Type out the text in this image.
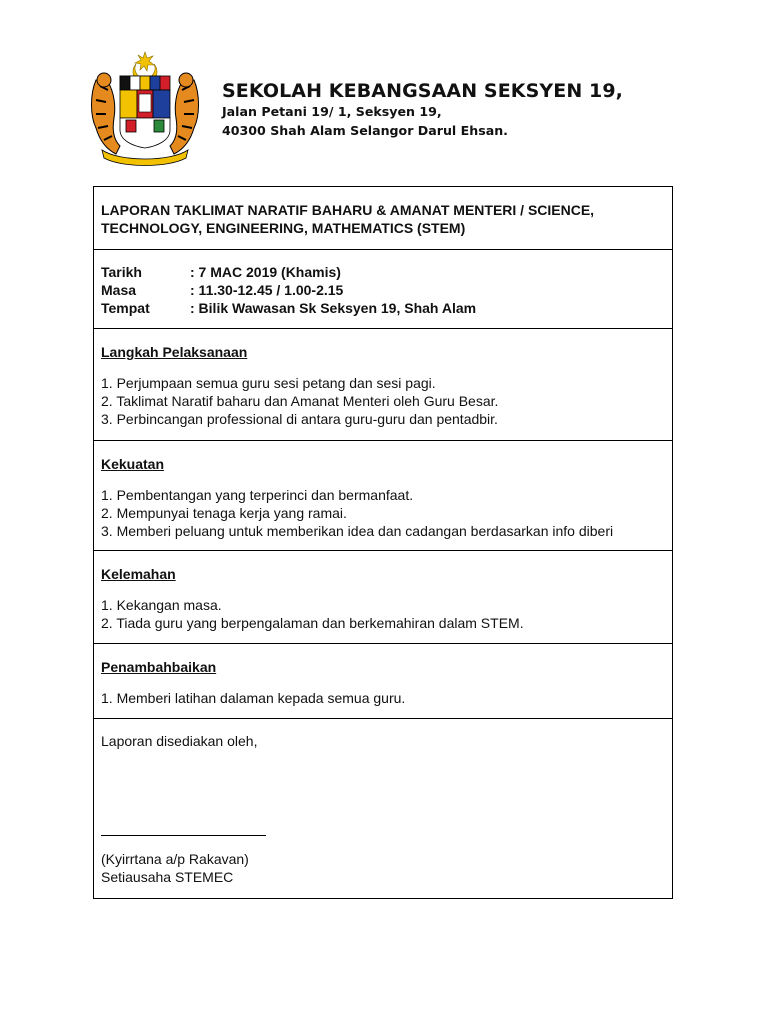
SEKOLAH KEBANGSAAN SEKSYEN 19,
Jalan Petani 19/ 1, Seksyen 19,
40300 Shah Alam Selangor Darul Ehsan.
LAPORAN TAKLIMAT NARATIF BAHARU & AMANAT MENTERI / SCIENCE, TECHNOLOGY, ENGINEERING, MATHEMATICS (STEM)
Tarikh	: 7 MAC 2019 (Khamis)
Masa	: 11.30-12.45 / 1.00-2.15
Tempat	: Bilik Wawasan Sk Seksyen 19, Shah Alam
Langkah Pelaksanaan
1. Perjumpaan semua guru sesi petang dan sesi pagi.
2. Taklimat Naratif baharu dan Amanat Menteri oleh Guru Besar.
3. Perbincangan professional di antara guru-guru dan pentadbir.
Kekuatan
1. Pembentangan yang terperinci dan bermanfaat.
2. Mempunyai tenaga kerja yang ramai.
3. Memberi peluang untuk memberikan idea dan cadangan berdasarkan info diberi
Kelemahan
1. Kekangan masa.
2. Tiada guru yang berpengalaman dan berkemahiran dalam STEM.
Penambahbaikan
1. Memberi latihan dalaman kepada semua guru.
Laporan disediakan oleh,
(Kyirrtana a/p Rakavan)
Setiausaha STEMEC
